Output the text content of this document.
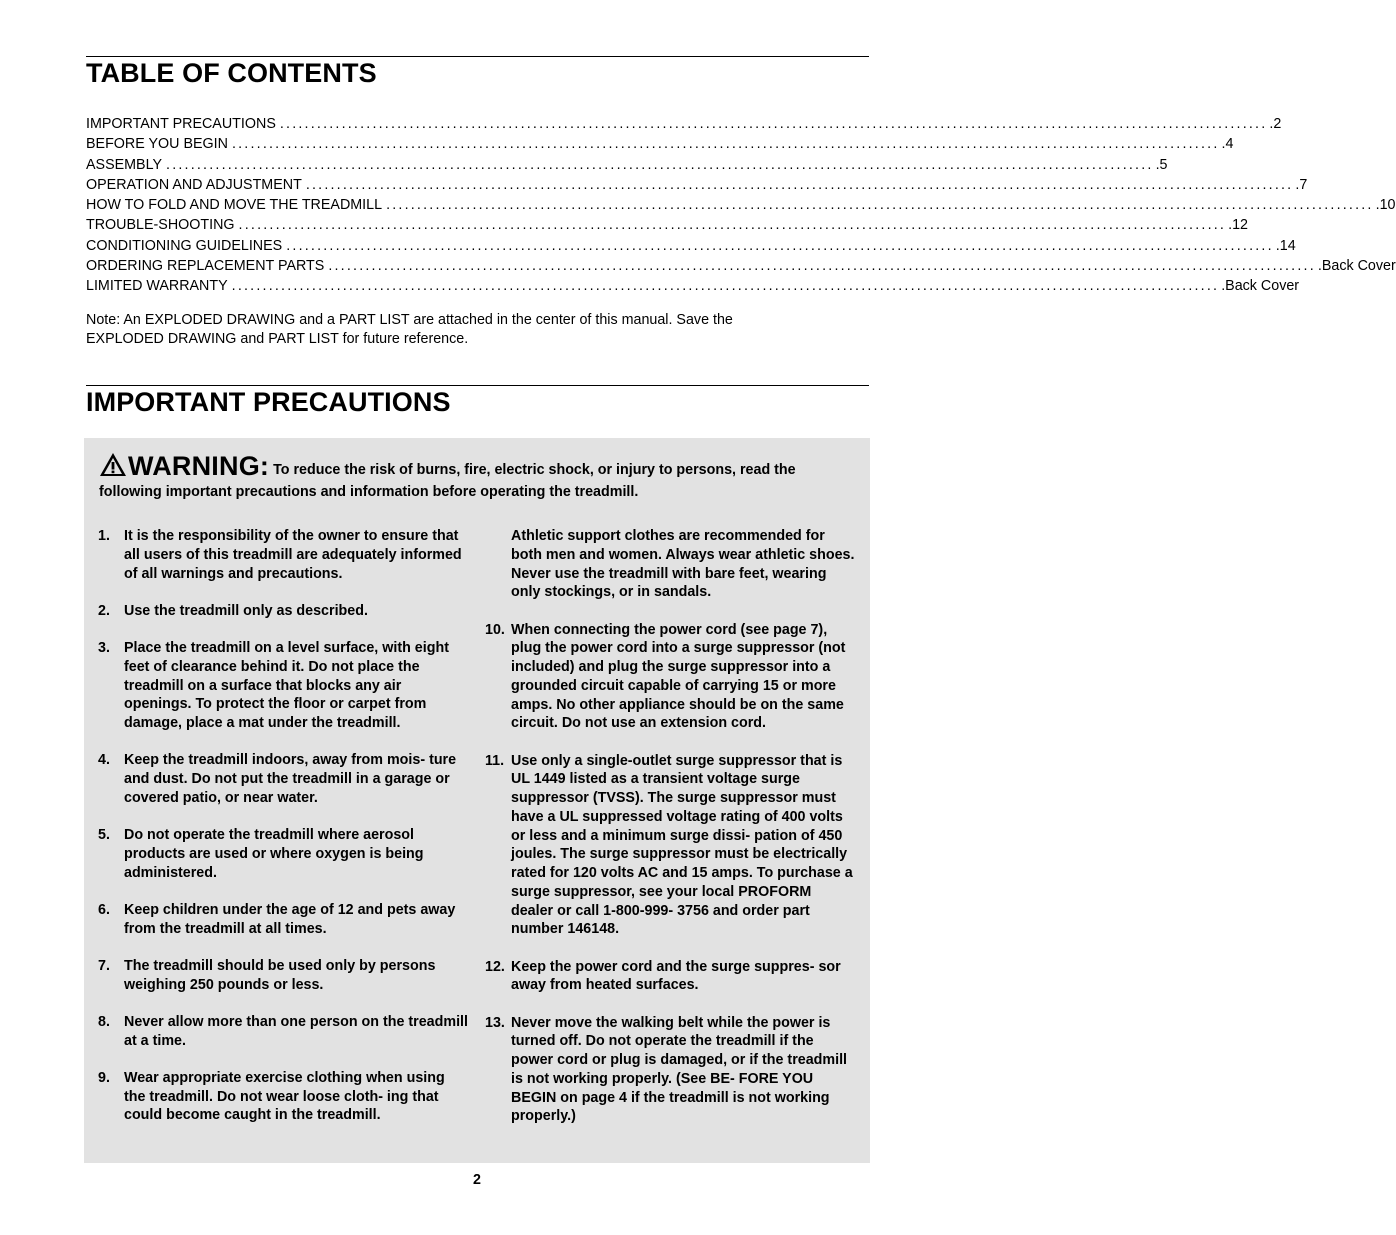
TABLE OF CONTENTS
IMPORTANT PRECAUTIONS ................................................................................................................................................................ .2
BEFORE YOU BEGIN ................................................................................................................................................................ .4
ASSEMBLY ................................................................................................................................................................ .5
OPERATION AND ADJUSTMENT ................................................................................................................................................................ .7
HOW TO FOLD AND MOVE THE TREADMILL ................................................................................................................................................................ .10
TROUBLE-SHOOTING ................................................................................................................................................................ .12
CONDITIONING GUIDELINES ................................................................................................................................................................ .14
ORDERING REPLACEMENT PARTS ................................................................................................................................................................ .Back Cover
LIMITED WARRANTY ................................................................................................................................................................ .Back Cover
Note: An EXPLODED DRAWING and a PART LIST are attached in the center of this manual. Save the
EXPLODED DRAWING and PART LIST for future reference.
IMPORTANT PRECAUTIONS
WARNING: To reduce the risk of burns, fire, electric shock, or injury to persons, read the following important precautions and information before operating the treadmill.
1. It is the responsibility of the owner to ensure that all users of this treadmill are adequately informed of all warnings and precautions.
2. Use the treadmill only as described.
3. Place the treadmill on a level surface, with eight feet of clearance behind it. Do not place the treadmill on a surface that blocks any air openings. To protect the floor or carpet from damage, place a mat under the treadmill.
4. Keep the treadmill indoors, away from mois- ture and dust. Do not put the treadmill in a garage or covered patio, or near water.
5. Do not operate the treadmill where aerosol products are used or where oxygen is being administered.
6. Keep children under the age of 12 and pets away from the treadmill at all times.
7. The treadmill should be used only by persons weighing 250 pounds or less.
8. Never allow more than one person on the treadmill at a time.
9. Wear appropriate exercise clothing when using the treadmill. Do not wear loose cloth- ing that could become caught in the treadmill.
Athletic support clothes are recommended for both men and women. Always wear athletic shoes. Never use the treadmill with bare feet, wearing only stockings, or in sandals.
10. When connecting the power cord (see page 7), plug the power cord into a surge suppressor (not included) and plug the surge suppressor into a grounded circuit capable of carrying 15 or more amps. No other appliance should be on the same circuit. Do not use an extension cord.
11. Use only a single-outlet surge suppressor that is UL 1449 listed as a transient voltage surge suppressor (TVSS). The surge suppressor must have a UL suppressed voltage rating of 400 volts or less and a minimum surge dissi- pation of 450 joules. The surge suppressor must be electrically rated for 120 volts AC and 15 amps. To purchase a surge suppressor, see your local PROFORM dealer or call 1-800-999- 3756 and order part number 146148.
12. Keep the power cord and the surge suppres- sor away from heated surfaces.
13. Never move the walking belt while the power is turned off. Do not operate the treadmill if the power cord or plug is damaged, or if the treadmill is not working properly. (See BE- FORE YOU BEGIN on page 4 if the treadmill is not working properly.)
2
